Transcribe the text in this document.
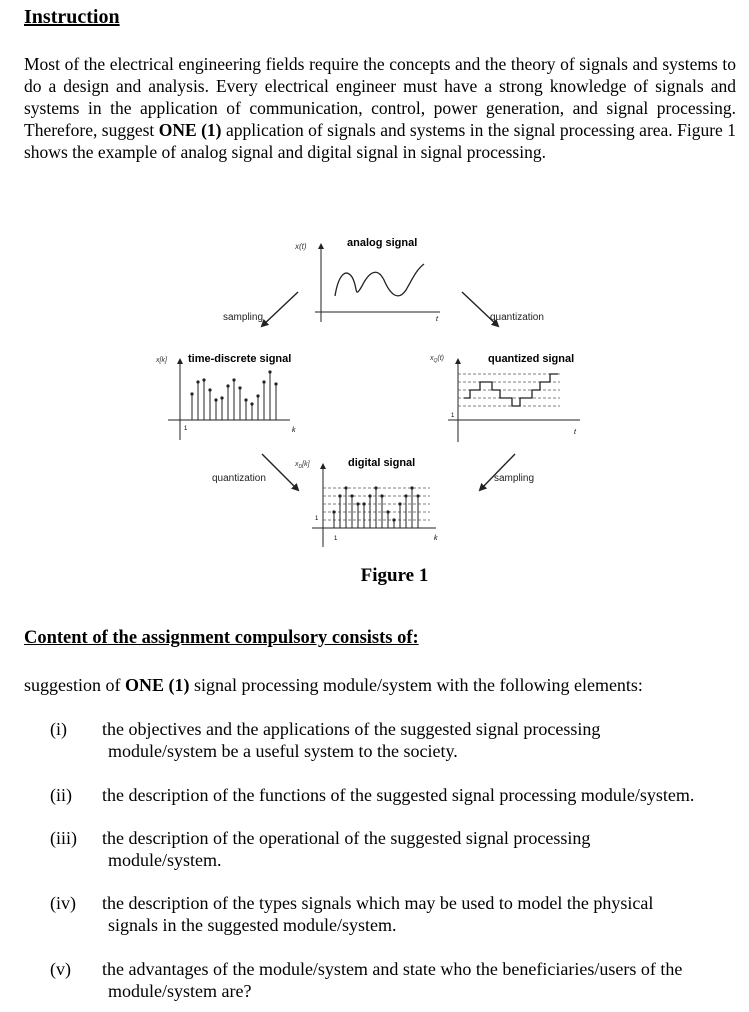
Instruction
Most of the electrical engineering fields require the concepts and the theory of signals and systems to do a design and analysis. Every electrical engineer must have a strong knowledge of signals and systems in the application of communication, control, power generation, and signal processing. Therefore, suggest ONE (1) application of signals and systems in the signal processing area. Figure 1 shows the example of analog signal and digital signal in signal processing.
x(t)	analog signal
t
sampling	quantization
x[k] time-discrete signal
k
1
$x_Q(t)$	quantized signal
t
1
quantization	sampling
$x_D[k]$	digital signal
k
1
1
Figure 1
Content of the assignment compulsory consists of:
suggestion of ONE (1) signal processing module/system with the following elements:
(i) the objectives and the applications of the suggested signal processing
module/system be a useful system to the society.
(ii) the description of the functions of the suggested signal processing module/system.
(iii) the description of the operational of the suggested signal processing
module/system.
(iv) the description of the types signals which may be used to model the physical
signals in the suggested module/system.
(v) the advantages of the module/system and state who the beneficiaries/users of the
module/system are?
